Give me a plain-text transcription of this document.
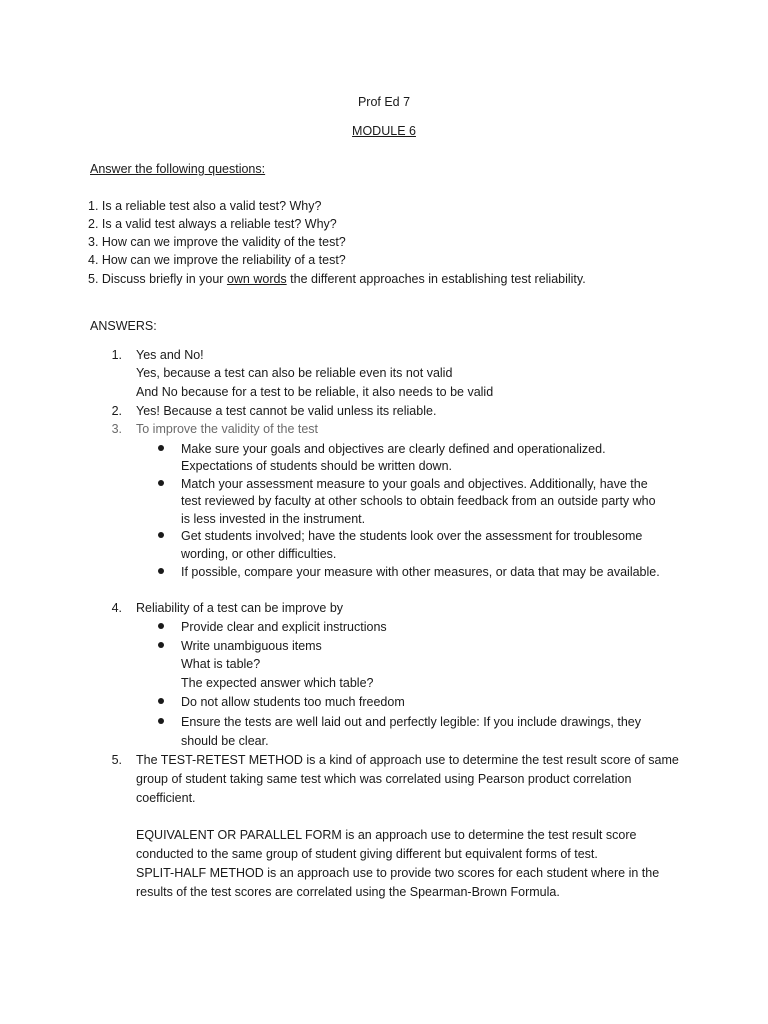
Prof Ed 7
MODULE 6
Answer the following questions:
1. Is a reliable test also a valid test? Why?
2. Is a valid test always a reliable test? Why?
3. How can we improve the validity of the test?
4. How can we improve the reliability of a test?
5. Discuss briefly in your own words the different approaches in establishing test reliability.
ANSWERS:
1. Yes and No!
Yes, because a test can also be reliable even its not valid
And No because for a test to be reliable, it also needs to be valid
2. Yes! Because a test cannot be valid unless its reliable.
3. To improve the validity of the test
Make sure your goals and objectives are clearly defined and operationalized.
Expectations of students should be written down.
Match your assessment measure to your goals and objectives. Additionally, have the
test reviewed by faculty at other schools to obtain feedback from an outside party who
is less invested in the instrument.
Get students involved; have the students look over the assessment for troublesome
wording, or other difficulties.
If possible, compare your measure with other measures, or data that may be available.
4. Reliability of a test can be improve by
Provide clear and explicit instructions
Write unambiguous items
What is table?
The expected answer which table?
Do not allow students too much freedom
Ensure the tests are well laid out and perfectly legible: If you include drawings, they
should be clear.
5. The TEST-RETEST METHOD is a kind of approach use to determine the test result score of same
group of student taking same test which was correlated using Pearson product correlation
coefficient.
EQUIVALENT OR PARALLEL FORM is an approach use to determine the test result score
conducted to the same group of student giving different but equivalent forms of test.
SPLIT-HALF METHOD is an approach use to provide two scores for each student where in the
results of the test scores are correlated using the Spearman-Brown Formula.
